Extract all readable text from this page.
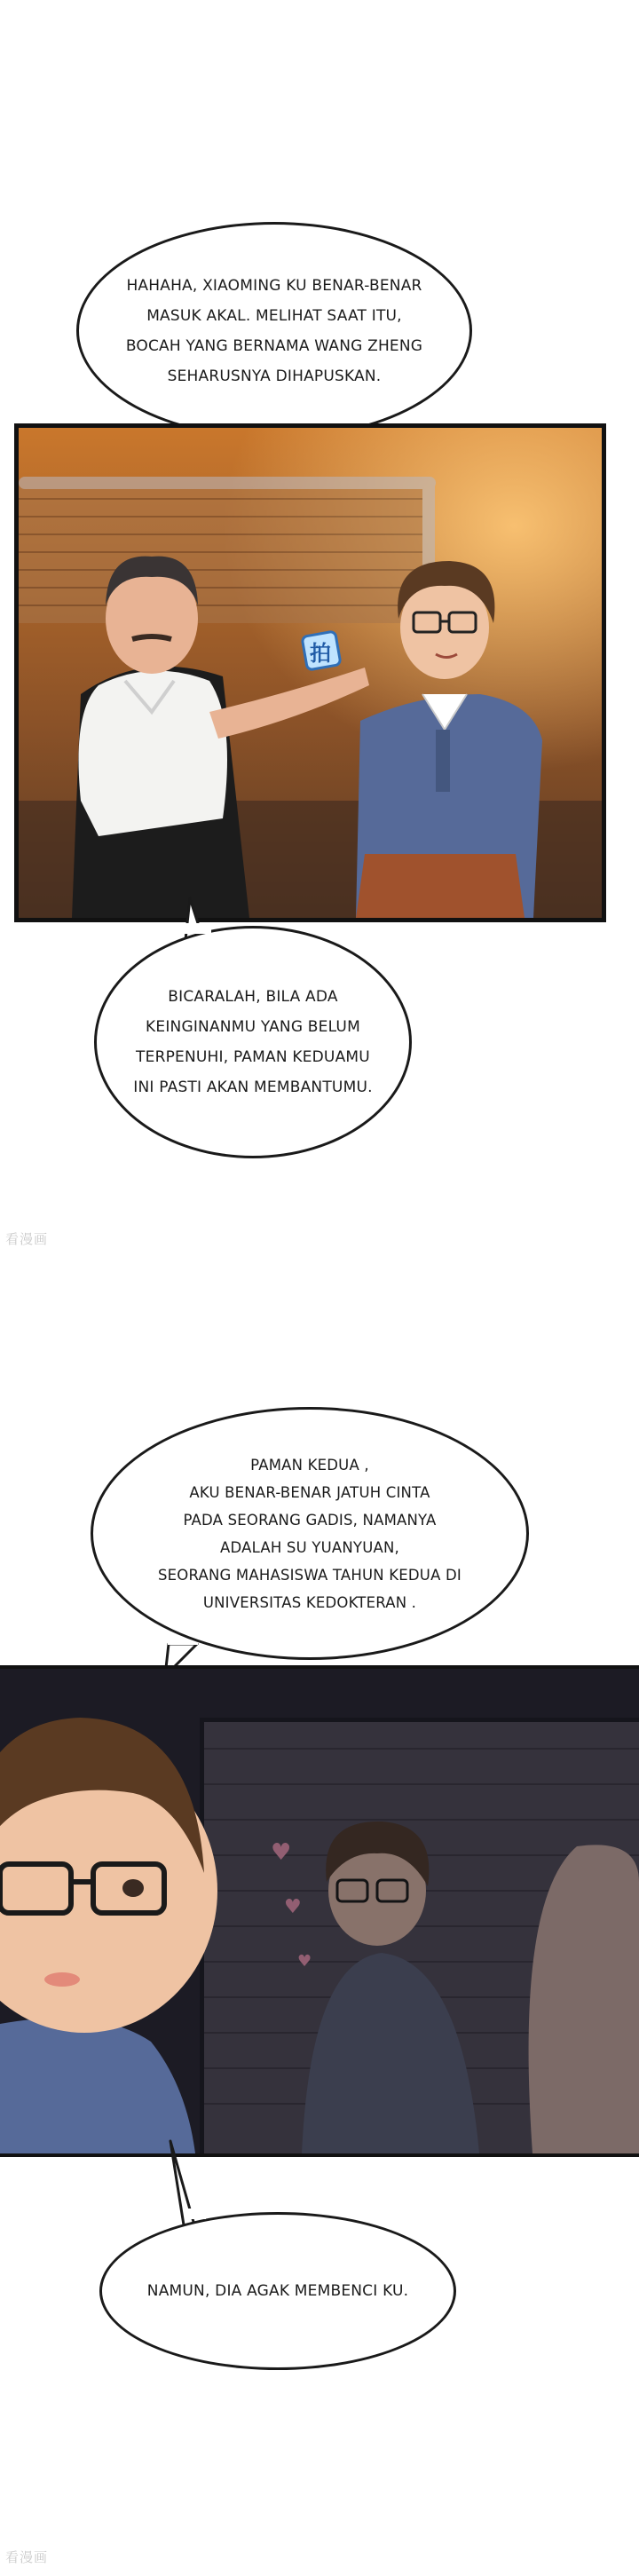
HAHAHA, XIAOMING KU BENAR-BENAR
MASUK AKAL. MELIHAT SAAT ITU,
BOCAH YANG BERNAMA WANG ZHENG
SEHARUSNYA DIHAPUSKAN.
拍
BICARALAH, BILA ADA
KEINGINANMU YANG BELUM
TERPENUHI, PAMAN KEDUAMU
INI PASTI AKAN MEMBANTUMU.
看漫画
PAMAN KEDUA ,
AKU BENAR-BENAR JATUH CINTA
PADA SEORANG GADIS, NAMANYA
ADALAH SU YUANYUAN,
SEORANG MAHASISWA TAHUN KEDUA DI
UNIVERSITAS KEDOKTERAN .
♥
♥
♥
NAMUN, DIA AGAK MEMBENCI KU.
看漫画
